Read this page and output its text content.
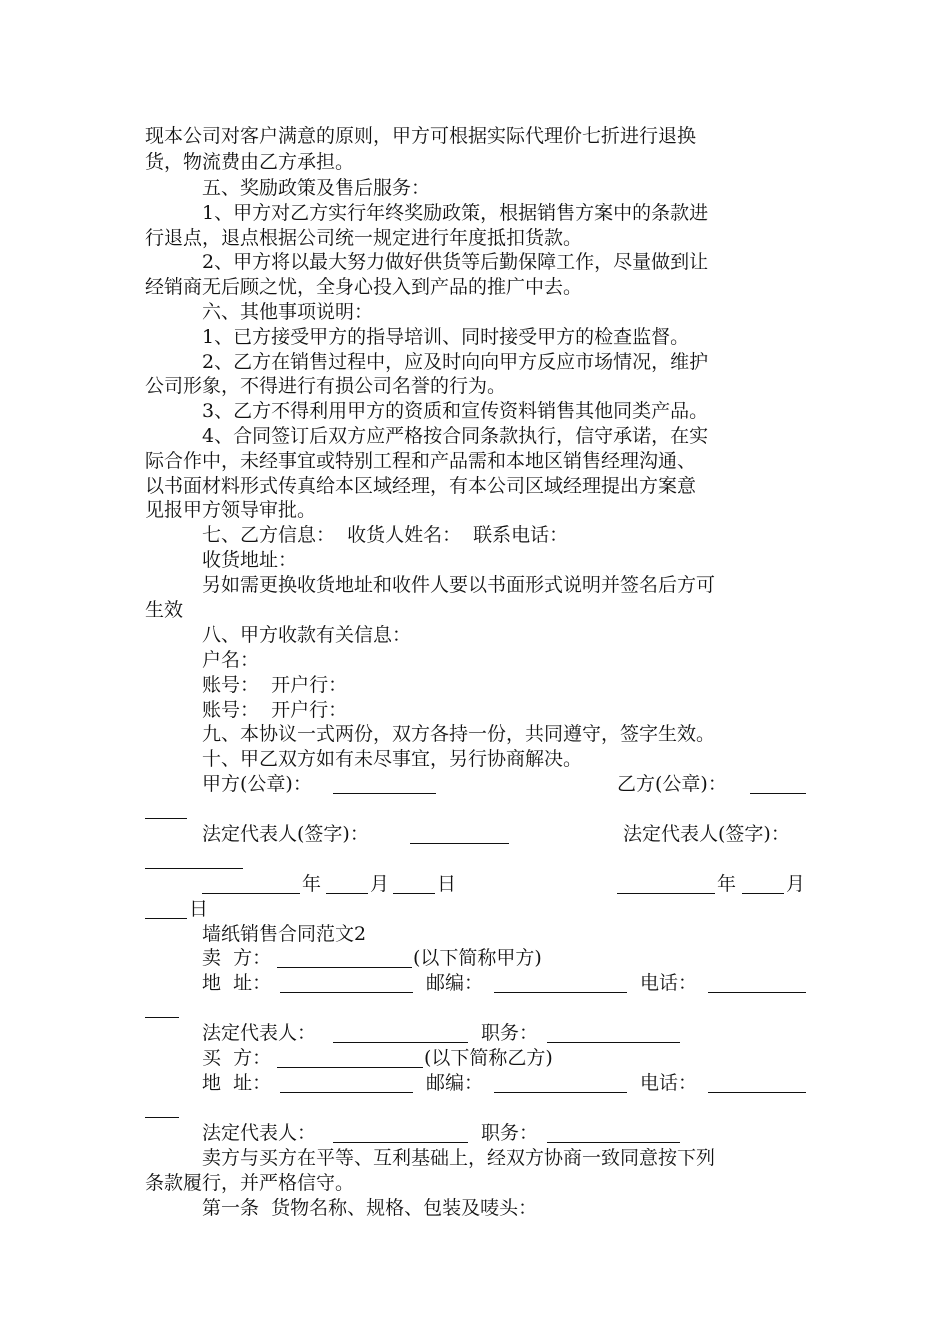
现本公司对客户满意的原则，甲方可根据实际代理价七折进行退换
货，物流费由乙方承担。
五、奖励政策及售后服务：
1、甲方对乙方实行年终奖励政策，根据销售方案中的条款进
行退点，退点根据公司统一规定进行年度抵扣货款。
2、甲方将以最大努力做好供货等后勤保障工作，尽量做到让
经销商无后顾之忧，全身心投入到产品的推广中去。
六、其他事项说明：
1、已方接受甲方的指导培训、同时接受甲方的检查监督。
2、乙方在销售过程中，应及时向向甲方反应市场情况，维护
公司形象，不得进行有损公司名誉的行为。
3、乙方不得利用甲方的资质和宣传资料销售其他同类产品。
4、合同签订后双方应严格按合同条款执行，信守承诺，在实
际合作中，未经事宜或特别工程和产品需和本地区销售经理沟通、
以书面材料形式传真给本区域经理，有本公司区域经理提出方案意
见报甲方领导审批。
七、乙方信息：  收货人姓名：  联系电话：
收货地址：
另如需更换收货地址和收件人要以书面形式说明并签名后方可
生效
八、甲方收款有关信息：
户名：
账号：  开户行：
账号：  开户行：
九、本协议一式两份，双方各持一份，共同遵守，签字生效。
十、甲乙双方如有未尽事宜，另行协商解决。
甲方(公章)：	乙方(公章)：
法定代表人(签字)：	法定代表人(签字)：
年	月	日	年	月
日
墙纸销售合同范文2
卖  方：	(以下简称甲方)
地  址：	邮编：	电话：
法定代表人：	职务：
买  方：	(以下简称乙方)
地  址：	邮编：	电话：
法定代表人：	职务：
卖方与买方在平等、互利基础上，经双方协商一致同意按下列
条款履行，并严格信守。
第一条  货物名称、规格、包装及唛头：
